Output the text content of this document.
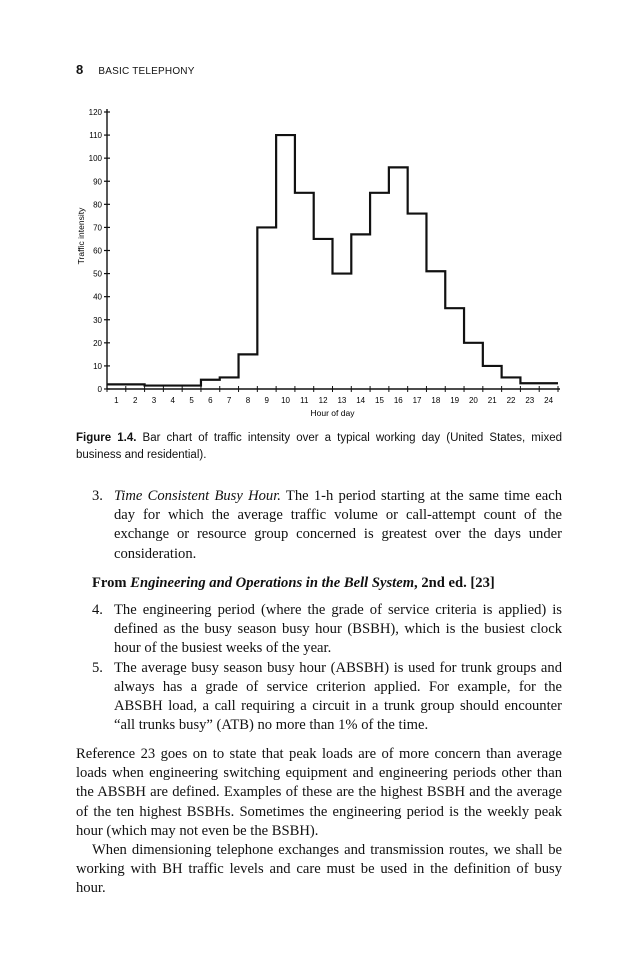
8 BASIC TELEPHONY
0
10
20
30
40
50
60
70
80
90
100
110
120
1 2 3 4 5 6 7 8 9 10 11 12 13 14 15 16 17 18 19 20 21 22 23 24
Hour of day
Traffic intensity
Figure 1.4. Bar chart of traffic intensity over a typical working day (United States, mixed business and residential).
3. Time Consistent Busy Hour. The 1-h period starting at the same time each day for which the average traffic volume or call-attempt count of the exchange or resource group concerned is greatest over the days under consideration.
From Engineering and Operations in the Bell System, 2nd ed. [23]
4. The engineering period (where the grade of service criteria is applied) is defined as the busy season busy hour (BSBH), which is the busiest clock hour of the busiest weeks of the year.
5. The average busy season busy hour (ABSBH) is used for trunk groups and always has a grade of service criterion applied. For example, for the ABSBH load, a call requiring a circuit in a trunk group should encounter “all trunks busy” (ATB) no more than 1% of the time.

Reference 23 goes on to state that peak loads are of more concern than average loads when engineering switching equipment and engineering periods other than the ABSBH are defined. Examples of these are the highest BSBH and the average of the ten highest BSBHs. Sometimes the engineering period is the weekly peak hour (which may not even be the BSBH).

When dimensioning telephone exchanges and transmission routes, we shall be working with BH traffic levels and care must be used in the definition of busy hour.
